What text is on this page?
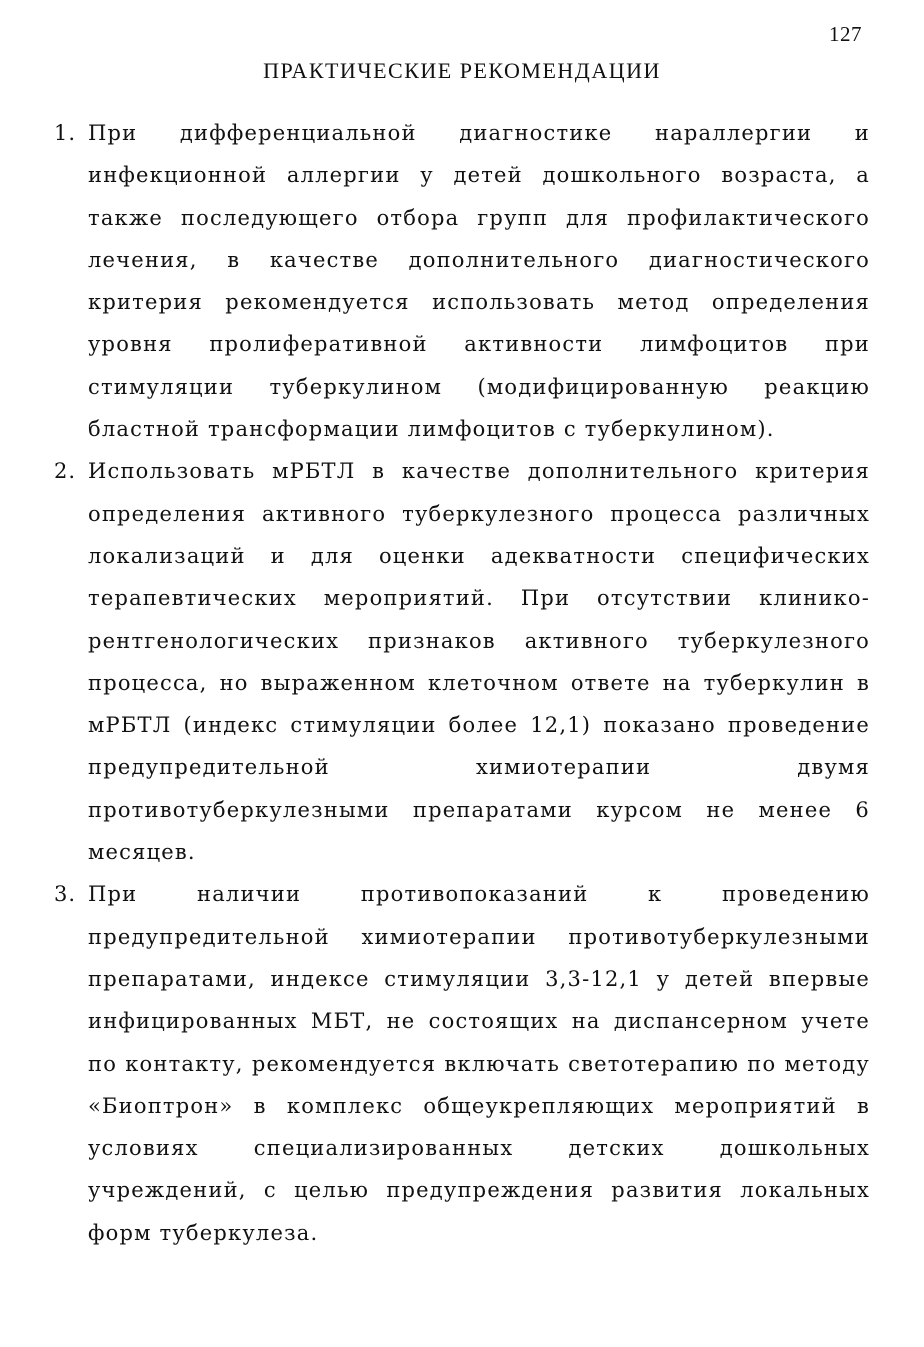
127
ПРАКТИЧЕСКИЕ РЕКОМЕНДАЦИИ
1. При дифференциальной диагностике нараллергии и инфекционной аллергии у детей дошкольного возраста, а также последующего отбора групп для профилактического лечения, в качестве дополнительного диагностического критерия рекомендуется использовать метод определения уровня пролиферативной активности лимфоцитов при стимуляции туберкулином (модифицированную реакцию бластной трансформации лимфоцитов с туберкулином).
2. Использовать мРБТЛ в качестве дополнительного критерия определения активного туберкулезного процесса различных локализаций и для оценки адекватности специфических терапевтических мероприятий. При отсутствии клинико-рентгенологических признаков активного туберкулезного процесса, но выраженном клеточном ответе на туберкулин в мРБТЛ (индекс стимуляции более 12,1) показано проведение предупредительной химиотерапии двумя противотуберкулезными препаратами курсом не менее 6 месяцев.
3. При наличии противопоказаний к проведению предупредительной химиотерапии противотуберкулезными препаратами, индексе стимуляции 3,3-12,1 у детей впервые инфицированных МБТ, не состоящих на диспансерном учете по контакту, рекомендуется включать светотерапию по методу «Биоптрон» в комплекс общеукрепляющих мероприятий в условиях специализированных детских дошкольных учреждений, с целью предупреждения развития локальных форм туберкулеза.
